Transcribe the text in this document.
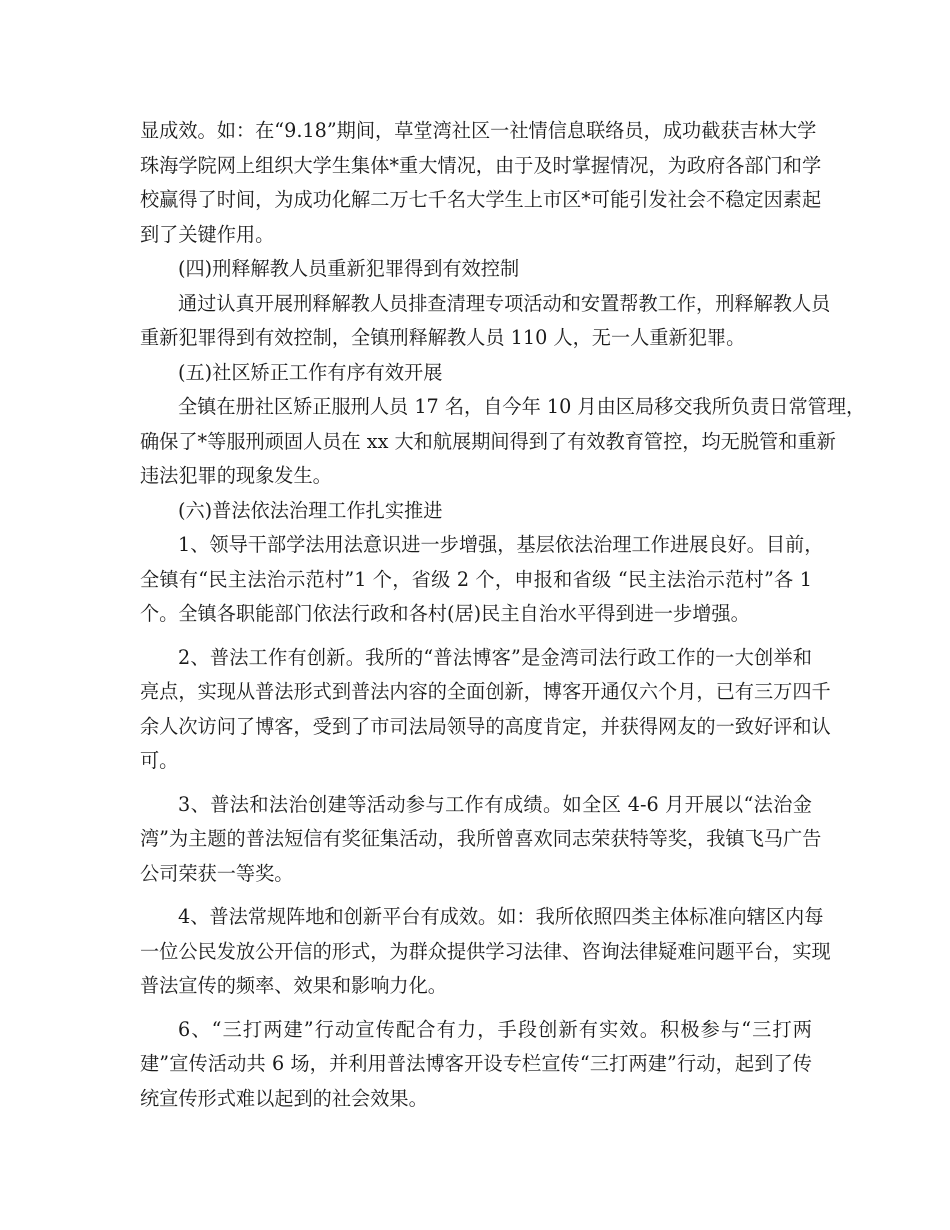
显成效。如：在“9.18”期间，草堂湾社区一社情信息联络员，成功截获吉林大学
珠海学院网上组织大学生集体*重大情况，由于及时掌握情况，为政府各部门和学
校赢得了时间，为成功化解二万七千名大学生上市区*可能引发社会不稳定因素起
到了关键作用。
(四)刑释解教人员重新犯罪得到有效控制
通过认真开展刑释解教人员排查清理专项活动和安置帮教工作，刑释解教人员
重新犯罪得到有效控制，全镇刑释解教人员 110 人，无一人重新犯罪。
(五)社区矫正工作有序有效开展
全镇在册社区矫正服刑人员 17 名，自今年 10 月由区局移交我所负责日常管理，
确保了*等服刑顽固人员在 xx 大和航展期间得到了有效教育管控，均无脱管和重新
违法犯罪的现象发生。
(六)普法依法治理工作扎实推进
1、领导干部学法用法意识进一步增强，基层依法治理工作进展良好。目前，
全镇有“民主法治示范村”1 个，省级 2 个，申报和省级 “民主法治示范村”各 1
个。全镇各职能部门依法行政和各村(居)民主自治水平得到进一步增强。
2、普法工作有创新。我所的“普法博客”是金湾司法行政工作的一大创举和
亮点，实现从普法形式到普法内容的全面创新，博客开通仅六个月，已有三万四千
余人次访问了博客，受到了市司法局领导的高度肯定，并获得网友的一致好评和认
可。
3、普法和法治创建等活动参与工作有成绩。如全区 4-6 月开展以“法治金
湾”为主题的普法短信有奖征集活动，我所曾喜欢同志荣获特等奖，我镇飞马广告
公司荣获一等奖。
4、普法常规阵地和创新平台有成效。如：我所依照四类主体标准向辖区内每
一位公民发放公开信的形式，为群众提供学习法律、咨询法律疑难问题平台，实现
普法宣传的频率、效果和影响力化。
6、“三打两建”行动宣传配合有力，手段创新有实效。积极参与“三打两
建”宣传活动共 6 场，并利用普法博客开设专栏宣传“三打两建”行动，起到了传
统宣传形式难以起到的社会效果。
